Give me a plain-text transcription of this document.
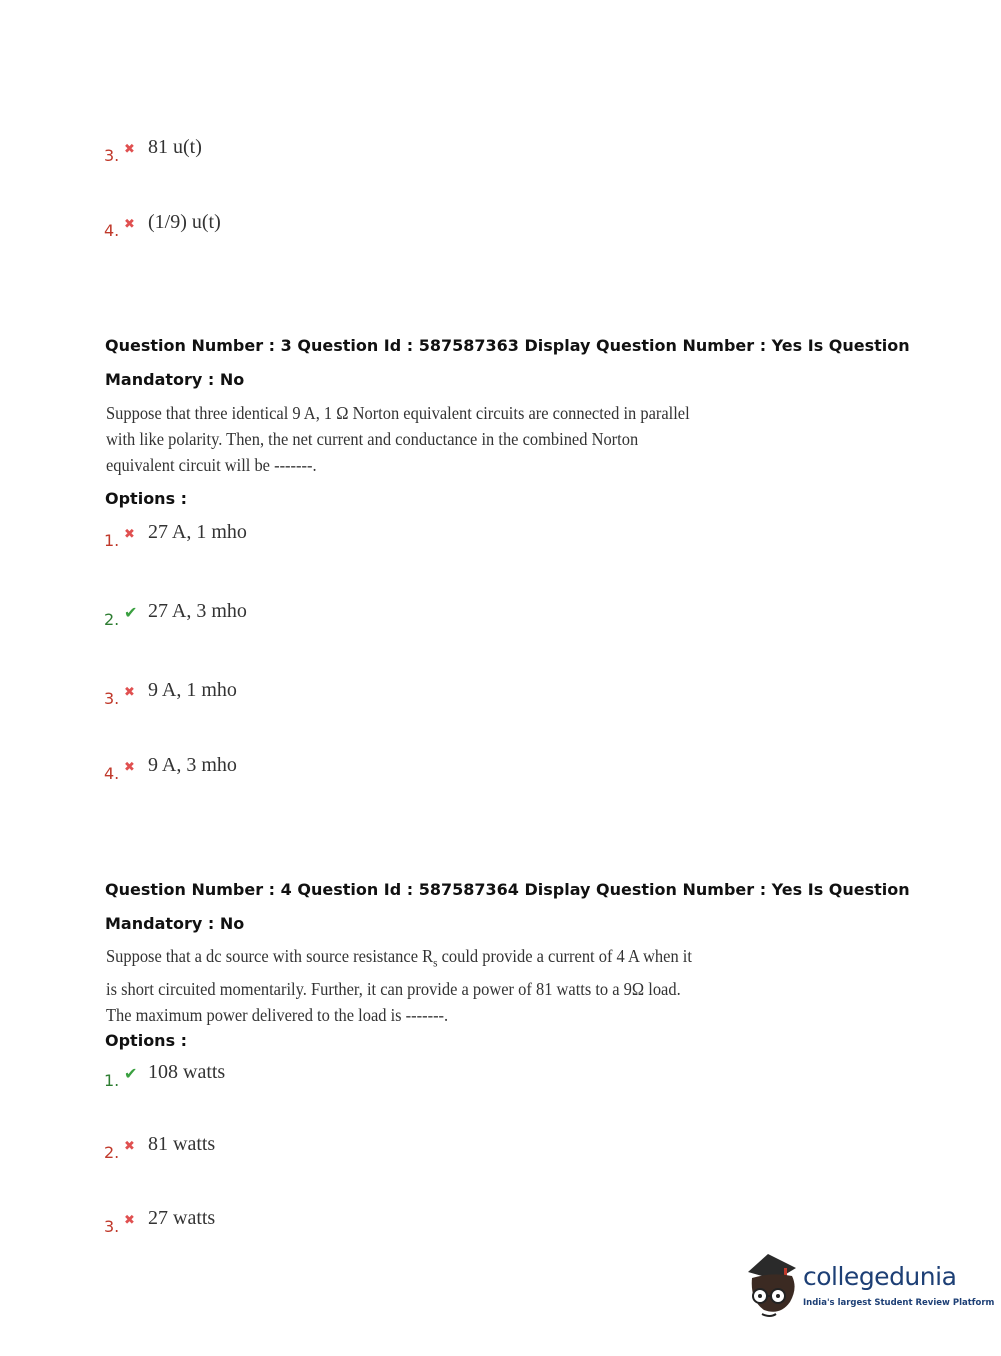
3. ✖ 81 u(t)
4. ✖ (1/9) u(t)
Question Number : 3 Question Id : 587587363 Display Question Number : Yes Is Question
Mandatory : No
Suppose that three identical 9 A, 1 Ω Norton equivalent circuits are connected in parallel with like polarity. Then, the net current and conductance in the combined Norton equivalent circuit will be -------.
Options :
1. ✖ 27 A, 1 mho
2. ✔ 27 A, 3 mho
3. ✖ 9 A, 1 mho
4. ✖ 9 A, 3 mho
Question Number : 4 Question Id : 587587364 Display Question Number : Yes Is Question
Mandatory : No
Suppose that a dc source with source resistance $R_s$ could provide a current of 4 A when it is short circuited momentarily. Further, it can provide a power of 81 watts to a 9Ω load. The maximum power delivered to the load is -------.
Options :
1. ✔ 108 watts
2. ✖ 81 watts
3. ✖ 27 watts
collegedunia
India's largest Student Review Platform
